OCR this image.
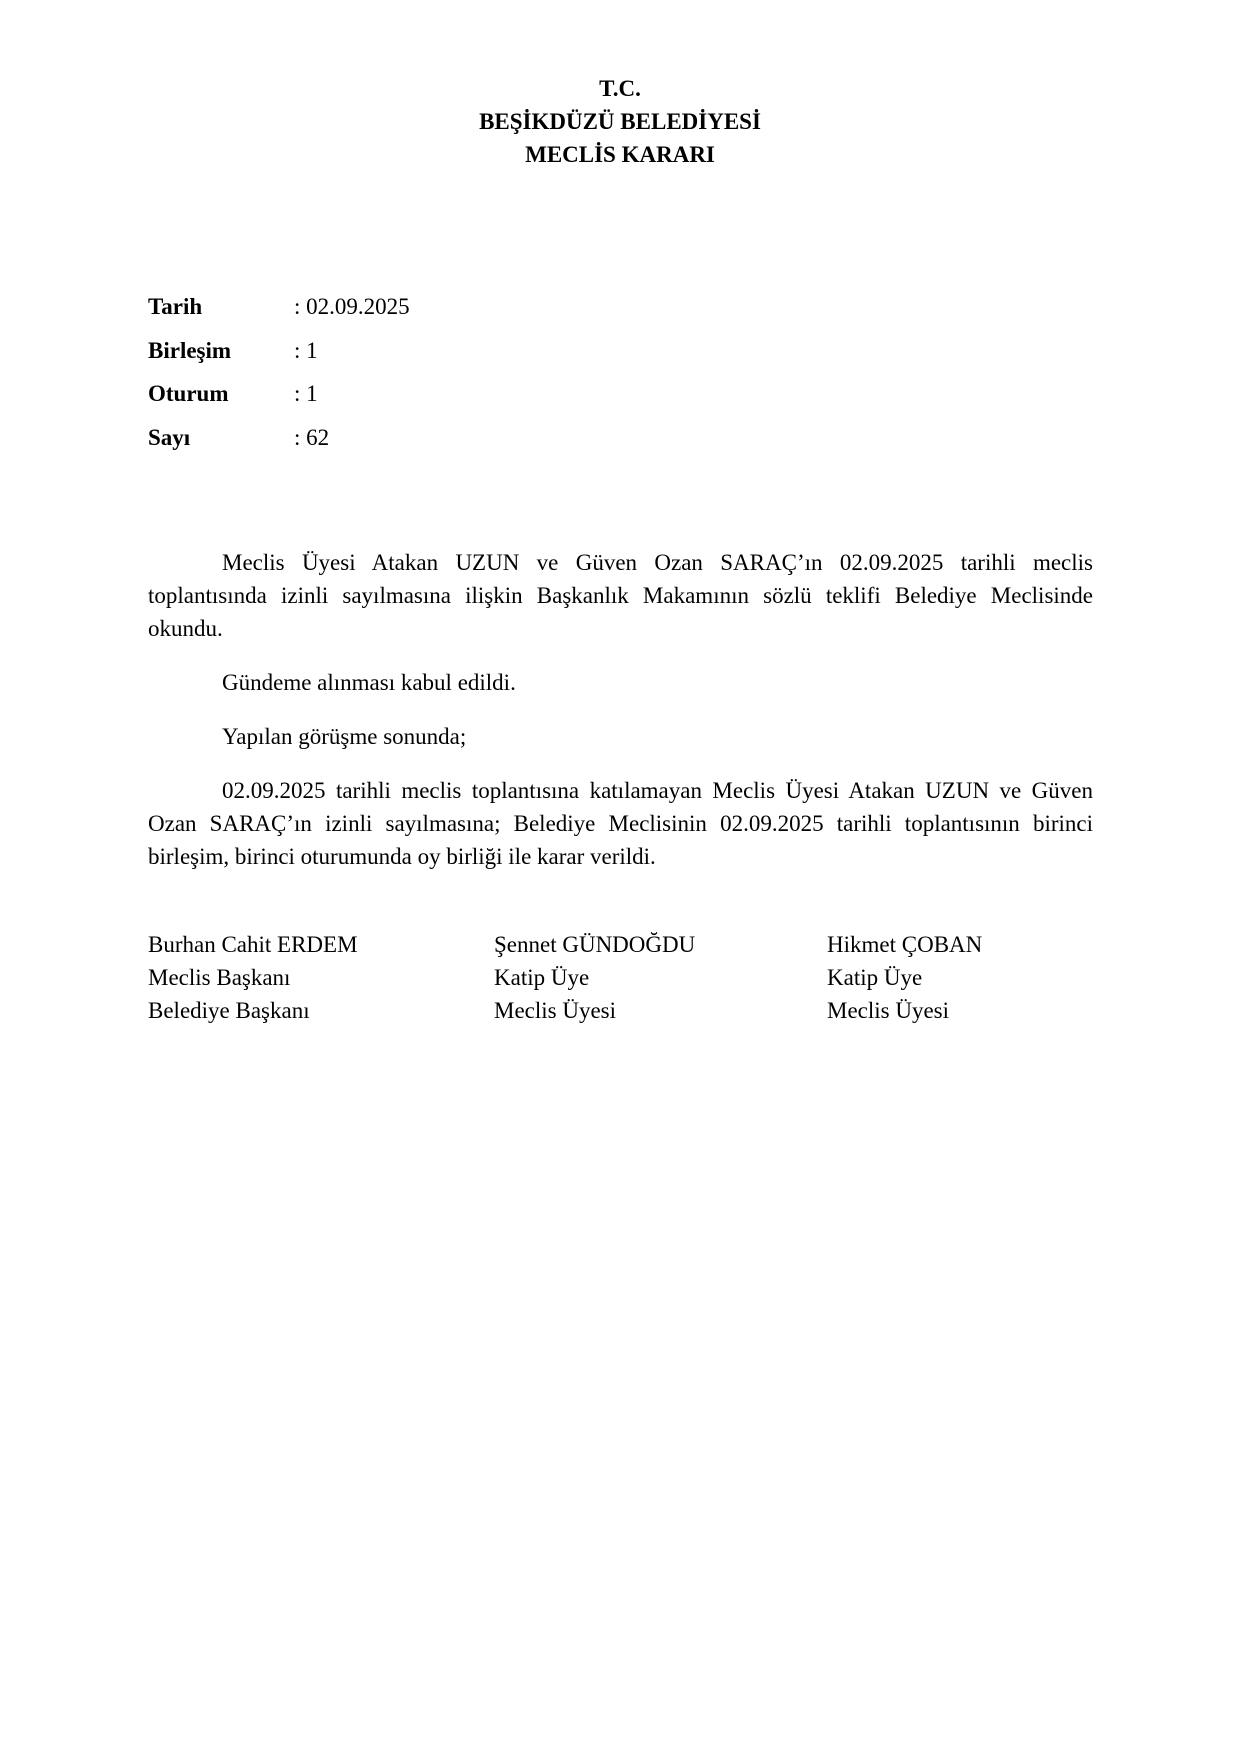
T.C.
BEŞİKDÜZÜ BELEDİYESİ
MECLİS KARARI
Tarih	: 02.09.2025
Birleşim	: 1
Oturum	: 1
Sayı	: 62

Meclis Üyesi Atakan UZUN ve Güven Ozan SARAÇ’ın 02.09.2025 tarihli meclis toplantısında izinli sayılmasına ilişkin Başkanlık Makamının sözlü teklifi Belediye Meclisinde okundu.

Gündeme alınması kabul edildi.

Yapılan görüşme sonunda;

02.09.2025 tarihli meclis toplantısına katılamayan Meclis Üyesi Atakan UZUN ve Güven Ozan SARAÇ’ın izinli sayılmasına; Belediye Meclisinin 02.09.2025 tarihli toplantısının birinci birleşim, birinci oturumunda oy birliği ile karar verildi.

Burhan Cahit ERDEM
Meclis Başkanı
Belediye Başkanı
Şennet GÜNDOĞDU
Katip Üye
Meclis Üyesi
Hikmet ÇOBAN
Katip Üye
Meclis Üyesi
